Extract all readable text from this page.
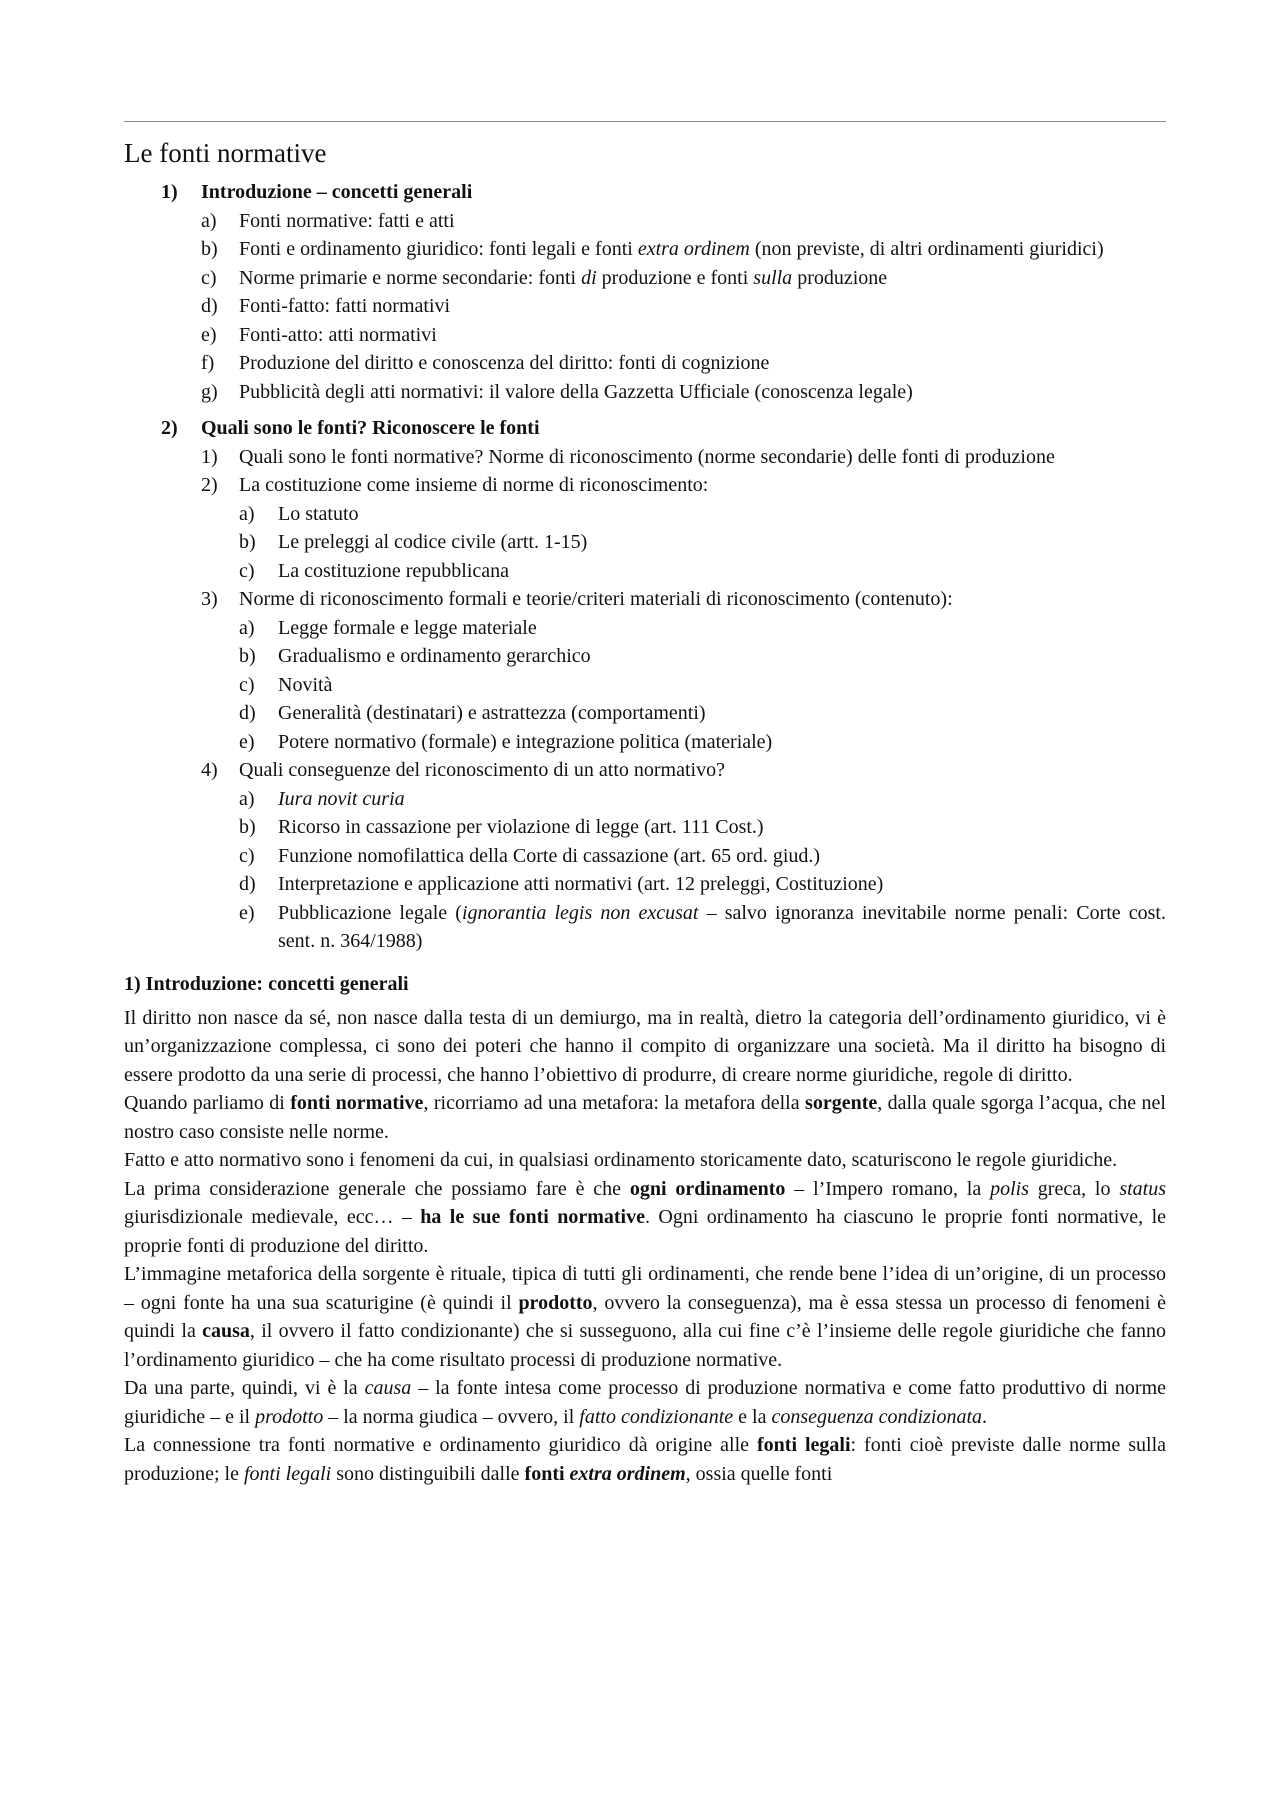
Le fonti normative
1) Introduzione – concetti generali
a) Fonti normative: fatti e atti
b) Fonti e ordinamento giuridico: fonti legali e fonti extra ordinem (non previste, di altri ordinamenti giuridici)
c) Norme primarie e norme secondarie: fonti di produzione e fonti sulla produzione
d) Fonti-fatto: fatti normativi
e) Fonti-atto: atti normativi
f) Produzione del diritto e conoscenza del diritto: fonti di cognizione
g) Pubblicità degli atti normativi: il valore della Gazzetta Ufficiale (conoscenza legale)
2) Quali sono le fonti? Riconoscere le fonti
1) Quali sono le fonti normative? Norme di riconoscimento (norme secondarie) delle fonti di produzione
2) La costituzione come insieme di norme di riconoscimento:
a) Lo statuto
b) Le preleggi al codice civile (artt. 1-15)
c) La costituzione repubblicana
3) Norme di riconoscimento formali e teorie/criteri materiali di riconoscimento (contenuto):
a) Legge formale e legge materiale
b) Gradualismo e ordinamento gerarchico
c) Novità
d) Generalità (destinatari) e astrattezza (comportamenti)
e) Potere normativo (formale) e integrazione politica (materiale)
4) Quali conseguenze del riconoscimento di un atto normativo?
a) Iura novit curia
b) Ricorso in cassazione per violazione di legge (art. 111 Cost.)
c) Funzione nomofilattica della Corte di cassazione (art. 65 ord. giud.)
d) Interpretazione e applicazione atti normativi (art. 12 preleggi, Costituzione)
e) Pubblicazione legale (ignorantia legis non excusat – salvo ignoranza inevitabile norme penali: Corte cost. sent. n. 364/1988)
1) Introduzione: concetti generali

Il diritto non nasce da sé, non nasce dalla testa di un demiurgo, ma in realtà, dietro la categoria dell’ordinamento giuridico, vi è un’organizzazione complessa, ci sono dei poteri che hanno il compito di organizzare una società. Ma il diritto ha bisogno di essere prodotto da una serie di processi, che hanno l’obiettivo di produrre, di creare norme giuridiche, regole di diritto.

Quando parliamo di fonti normative, ricorriamo ad una metafora: la metafora della sorgente, dalla quale sgorga l’acqua, che nel nostro caso consiste nelle norme.

Fatto e atto normativo sono i fenomeni da cui, in qualsiasi ordinamento storicamente dato, scaturiscono le regole giuridiche.

La prima considerazione generale che possiamo fare è che ogni ordinamento – l’Impero romano, la polis greca, lo status giurisdizionale medievale, ecc… – ha le sue fonti normative. Ogni ordinamento ha ciascuno le proprie fonti normative, le proprie fonti di produzione del diritto.

L’immagine metaforica della sorgente è rituale, tipica di tutti gli ordinamenti, che rende bene l’idea di un’origine, di un processo – ogni fonte ha una sua scaturigine (è quindi il prodotto, ovvero la conseguenza), ma è essa stessa un processo di fenomeni è quindi la causa, il ovvero il fatto condizionante) che si susseguono, alla cui fine c’è l’insieme delle regole giuridiche che fanno l’ordinamento giuridico – che ha come risultato processi di produzione normative.

Da una parte, quindi, vi è la causa – la fonte intesa come processo di produzione normativa e come fatto produttivo di norme giuridiche – e il prodotto – la norma giudica – ovvero, il fatto condizionante e la conseguenza condizionata.

La connessione tra fonti normative e ordinamento giuridico dà origine alle fonti legali: fonti cioè previste dalle norme sulla produzione; le fonti legali sono distinguibili dalle fonti extra ordinem, ossia quelle fonti
